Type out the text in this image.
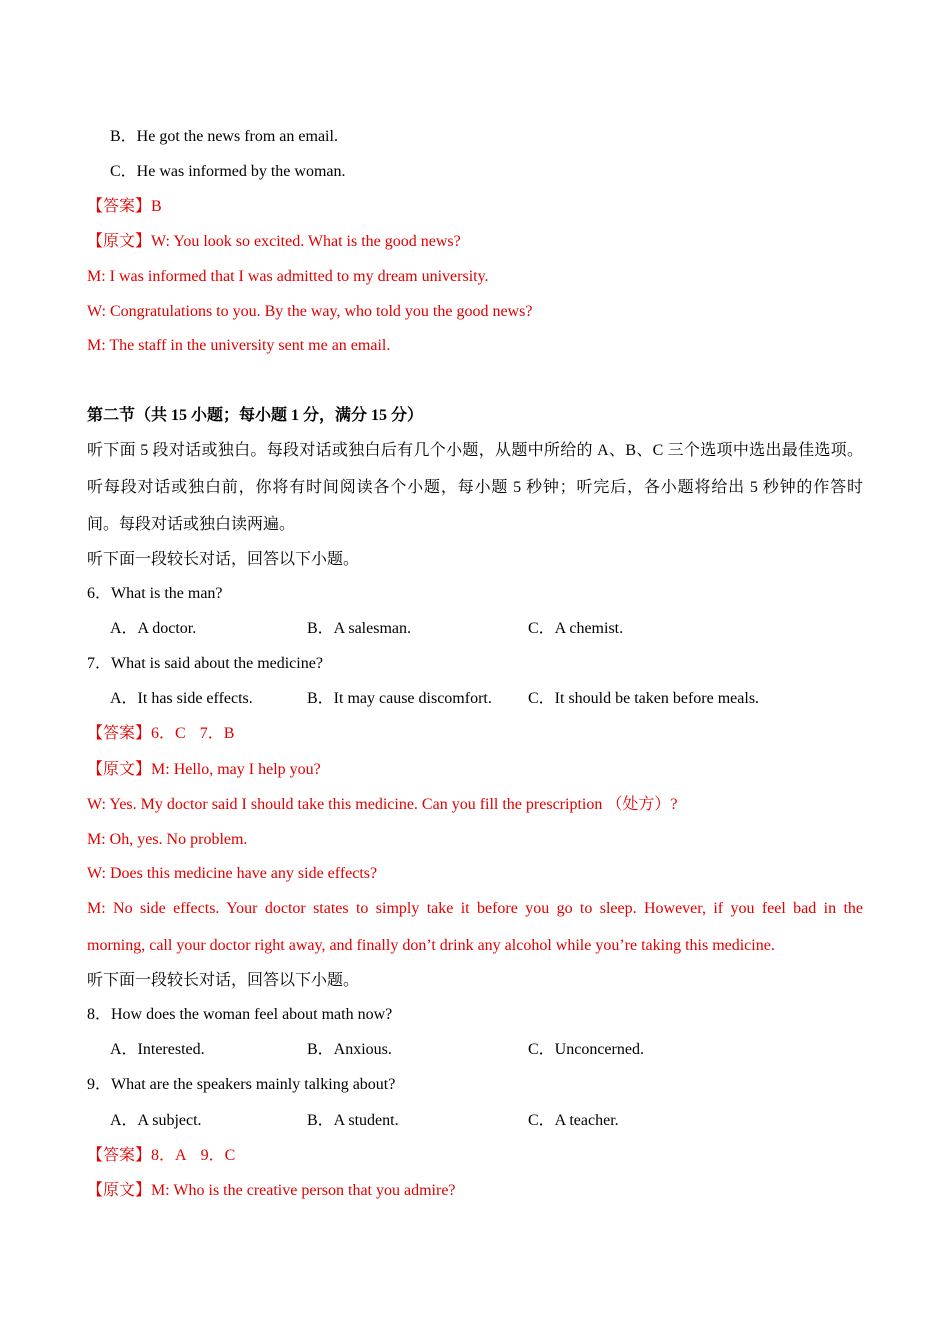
B．He got the news from an email.
C．He was informed by the woman.
【答案】B
【原文】W: You look so excited. What is the good news?
M: I was informed that I was admitted to my dream university.
W: Congratulations to you. By the way, who told you the good news?
M: The staff in the university sent me an email.
第二节（共 15 小题；每小题 1 分，满分 15 分）
听下面 5 段对话或独白。每段对话或独白后有几个小题，从题中所给的 A、B、C 三个选项中选出最佳选项。
听每段对话或独白前，你将有时间阅读各个小题，每小题 5 秒钟；听完后，各小题将给出 5 秒钟的作答时
间。每段对话或独白读两遍。
听下面一段较长对话，回答以下小题。
6．What is the man?
A．A doctor.	B．A salesman.	C．A chemist.
7．What is said about the medicine?
A．It has side effects.	B．It may cause discomfort. C．It should be taken before meals.
【答案】6．C 7．B
【原文】M: Hello, may I help you?
W: Yes. My doctor said I should take this medicine. Can you fill the prescription （处方）?
M: Oh, yes. No problem.
W: Does this medicine have any side effects?
M: No side effects. Your doctor states to simply take it before you go to sleep. However, if you feel bad in the
morning, call your doctor right away, and finally don’t drink any alcohol while you’re taking this medicine.
听下面一段较长对话，回答以下小题。
8．How does the woman feel about math now?
A．Interested.	B．Anxious.	C．Unconcerned.
9．What are the speakers mainly talking about?
A．A subject.	B．A student.	C．A teacher.
【答案】8．A 9．C
【原文】M: Who is the creative person that you admire?
